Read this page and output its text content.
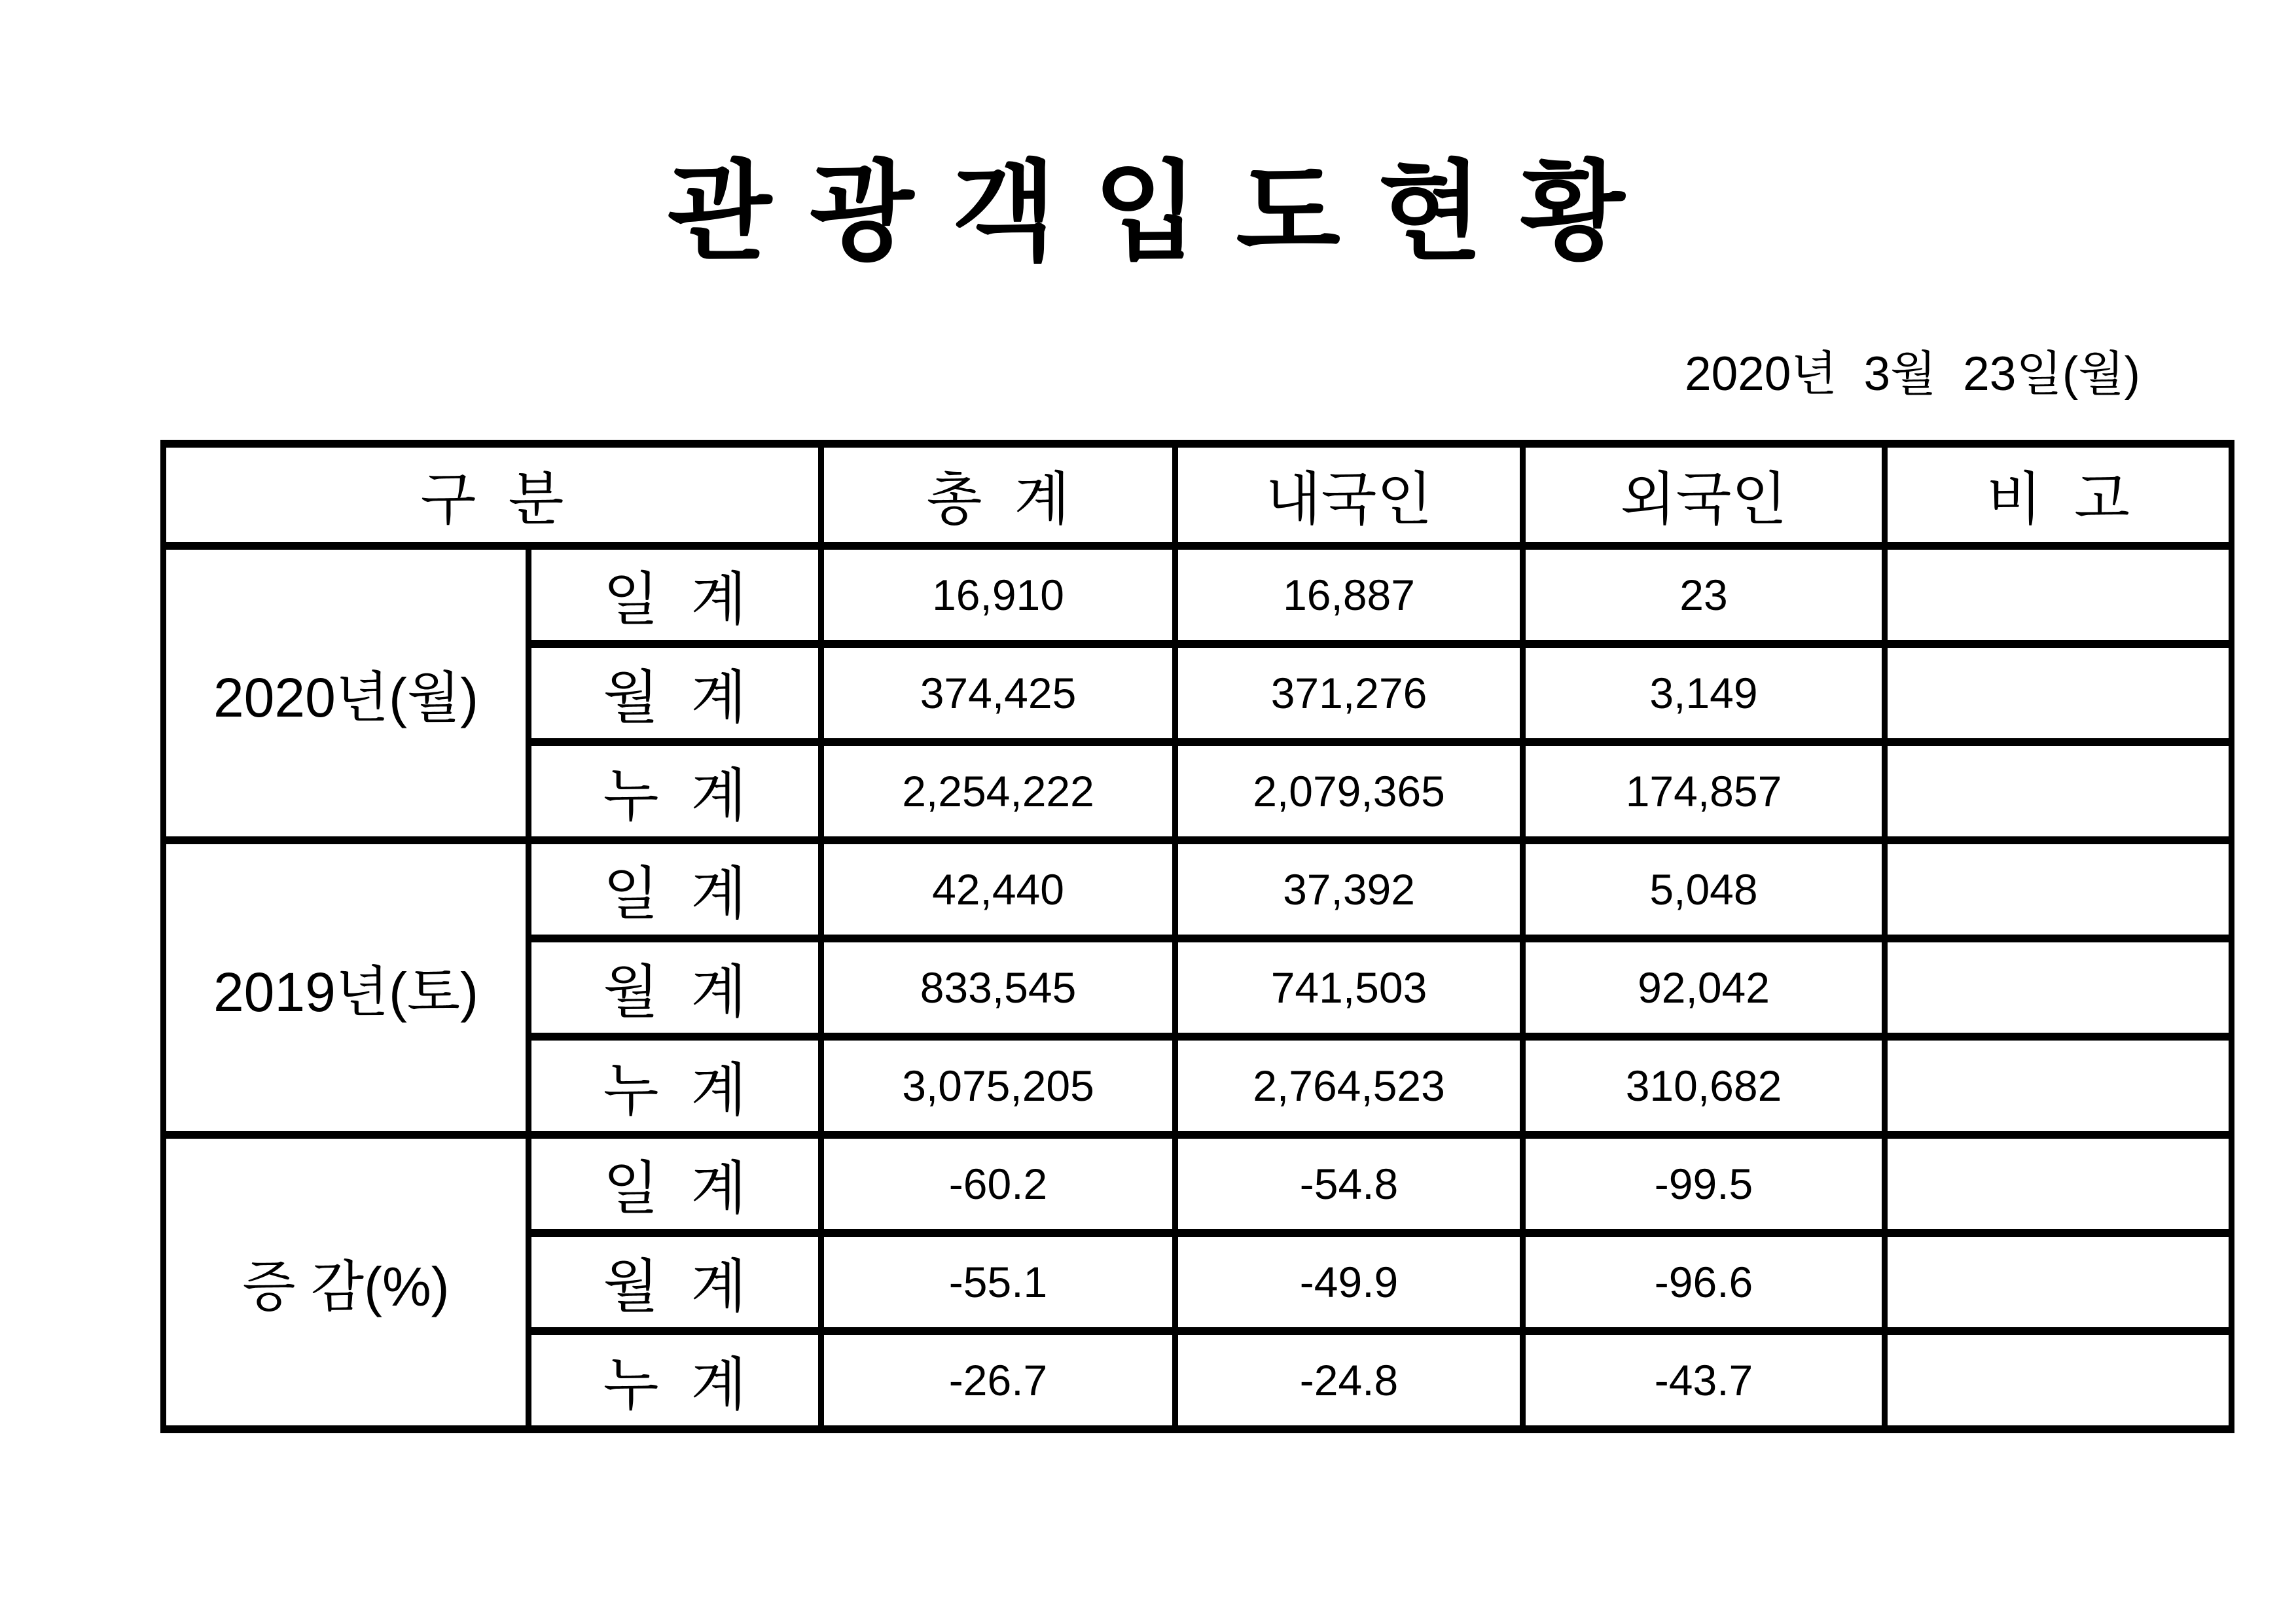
관 광 객 입 도 현 황
2020년  3월  23일(월)
구  분		총  계	내국인	외국인	비  고
2020년(월)	일  계	16,910	16,887	23	
	월  계	374,425	371,276	3,149	
	누  계	2,254,222	2,079,365	174,857	
2019년(토)	일  계	42,440	37,392	5,048	
	월  계	833,545	741,503	92,042	
	누  계	3,075,205	2,764,523	310,682	
증 감(%)	일  계	-60.2	-54.8	-99.5	
	월  계	-55.1	-49.9	-96.6	
	누  계	-26.7	-24.8	-43.7	
